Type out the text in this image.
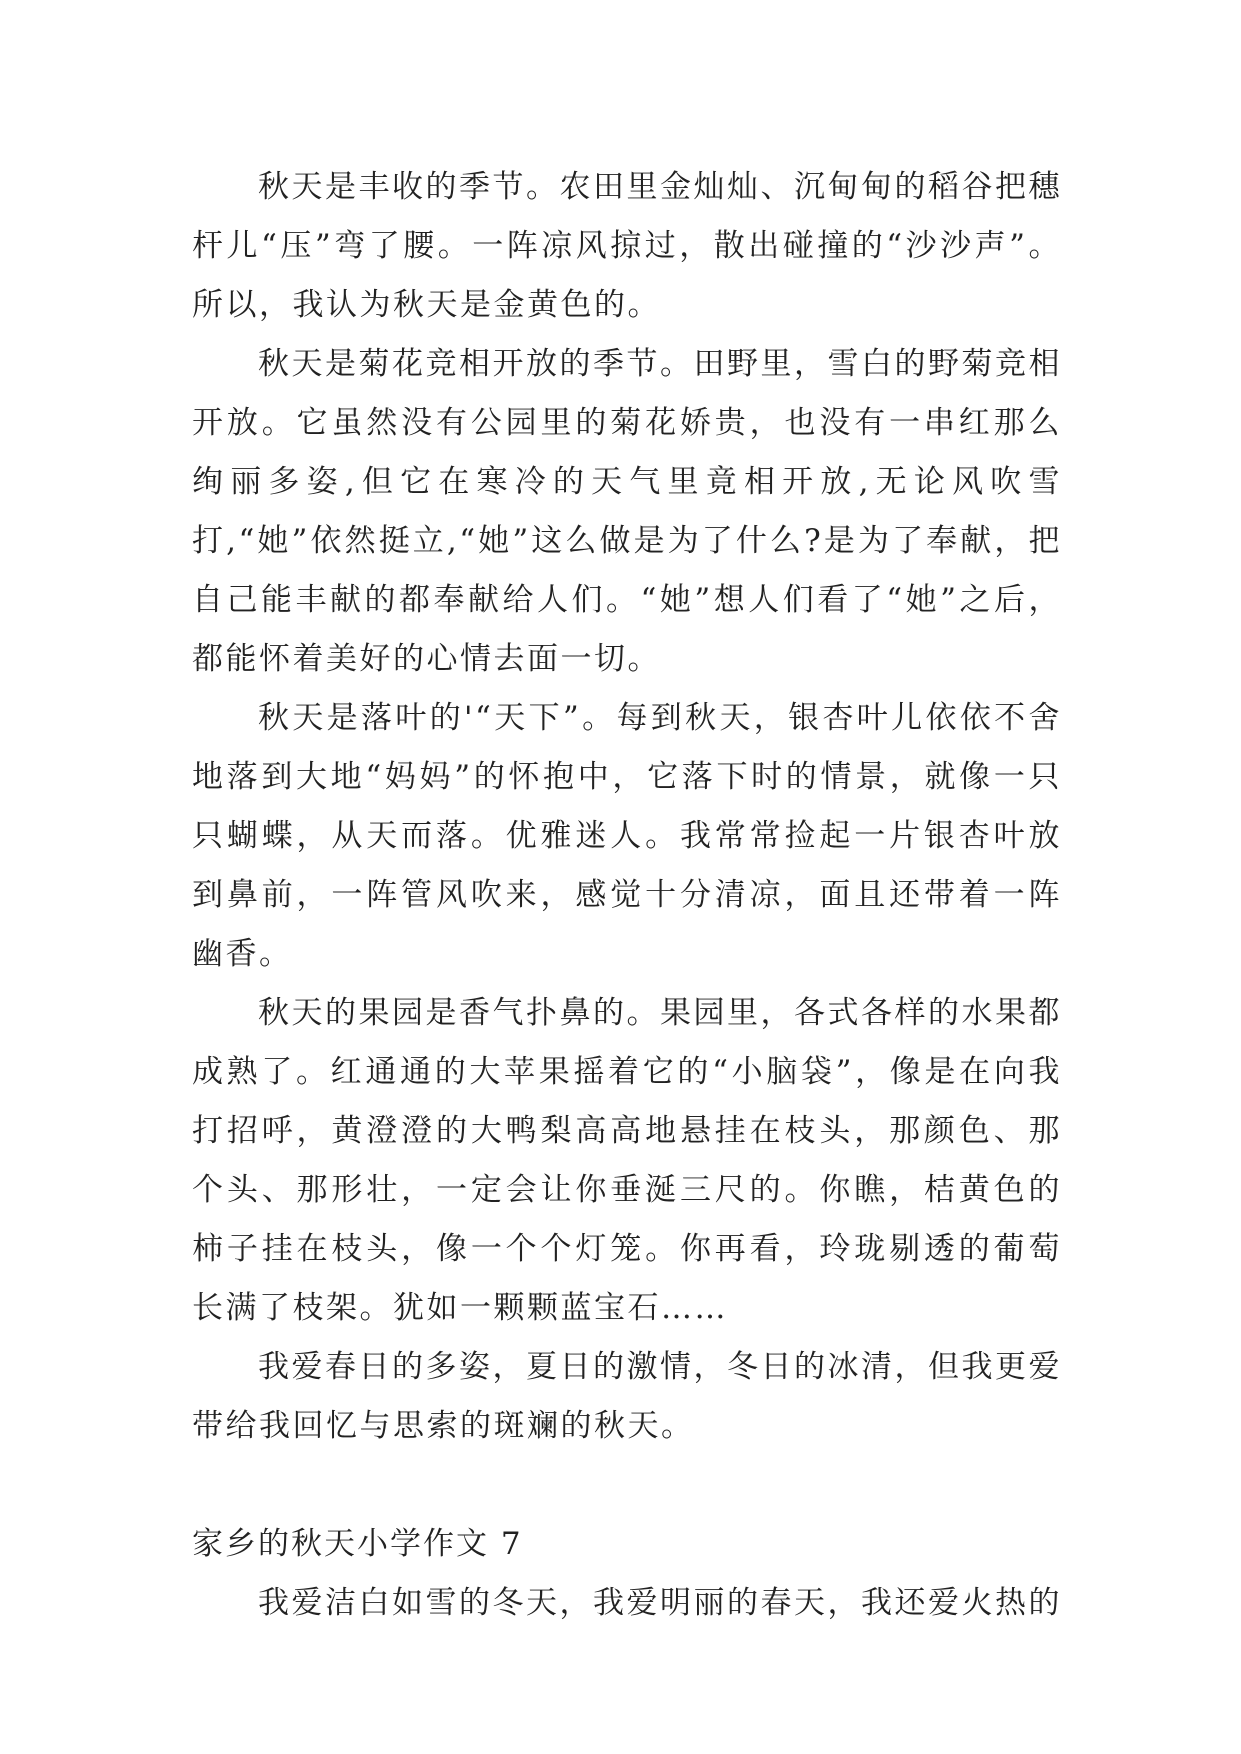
秋天是丰收的季节。农田里金灿灿、沉甸甸的稻谷把穗杆儿“压”弯了腰。一阵凉风掠过，散出碰撞的“沙沙声”。所以，我认为秋天是金黄色的。

秋天是菊花竞相开放的季节。田野里，雪白的野菊竞相开放。它虽然没有公园里的菊花娇贵，也没有一串红那么绚丽多姿,但它在寒冷的天气里竟相开放,无论风吹雪打,“她”依然挺立,“她”这么做是为了什么?是为了奉献，把自己能丰献的都奉献给人们。“她”想人们看了“她”之后，都能怀着美好的心情去面一切。

秋天是落叶的'“天下”。每到秋天，银杏叶儿依依不舍地落到大地“妈妈”的怀抱中，它落下时的情景，就像一只只蝴蝶，从天而落。优雅迷人。我常常捡起一片银杏叶放到鼻前，一阵管风吹来，感觉十分清凉，面且还带着一阵幽香。

秋天的果园是香气扑鼻的。果园里，各式各样的水果都成熟了。红通通的大苹果摇着它的“小脑袋”，像是在向我打招呼，黄澄澄的大鸭梨高高地悬挂在枝头，那颜色、那个头、那形壮，一定会让你垂涎三尺的。你瞧，桔黄色的柿子挂在枝头，像一个个灯笼。你再看，玲珑剔透的葡萄长满了枝架。犹如一颗颗蓝宝石……

我爱春日的多姿，夏日的激情，冬日的冰清，但我更爱带给我回忆与思索的斑斓的秋天。

家乡的秋天小学作文 7

我爱洁白如雪的冬天，我爱明丽的春天，我还爱火热的
